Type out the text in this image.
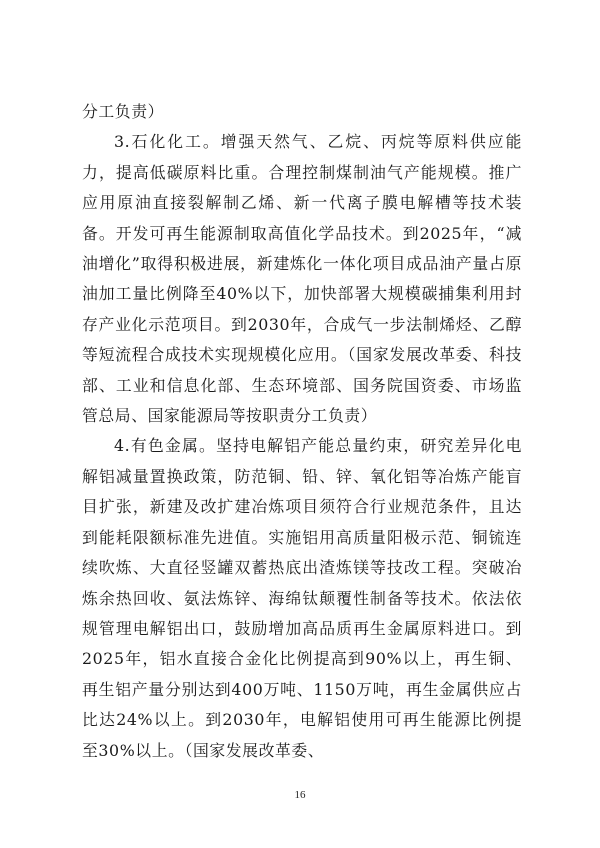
分工负责）

3.石化化工。增强天然气、乙烷、丙烷等原料供应能力，提高低碳原料比重。合理控制煤制油气产能规模。推广应用原油直接裂解制乙烯、新一代离子膜电解槽等技术装备。开发可再生能源制取高值化学品技术。到2025年，“减油增化”取得积极进展，新建炼化一体化项目成品油产量占原油加工量比例降至40%以下，加快部署大规模碳捕集利用封存产业化示范项目。到2030年，合成气一步法制烯烃、乙醇等短流程合成技术实现规模化应用。（国家发展改革委、科技部、工业和信息化部、生态环境部、国务院国资委、市场监管总局、国家能源局等按职责分工负责）

4.有色金属。坚持电解铝产能总量约束，研究差异化电解铝减量置换政策，防范铜、铅、锌、氧化铝等冶炼产能盲目扩张，新建及改扩建冶炼项目须符合行业规范条件，且达到能耗限额标准先进值。实施铝用高质量阳极示范、铜锍连续吹炼、大直径竖罐双蓄热底出渣炼镁等技改工程。突破冶炼余热回收、氨法炼锌、海绵钛颠覆性制备等技术。依法依规管理电解铝出口，鼓励增加高品质再生金属原料进口。到2025年，铝水直接合金化比例提高到90%以上，再生铜、再生铝产量分别达到400万吨、1150万吨，再生金属供应占比达24%以上。到2030年，电解铝使用可再生能源比例提至30%以上。（国家发展改革委、

16
